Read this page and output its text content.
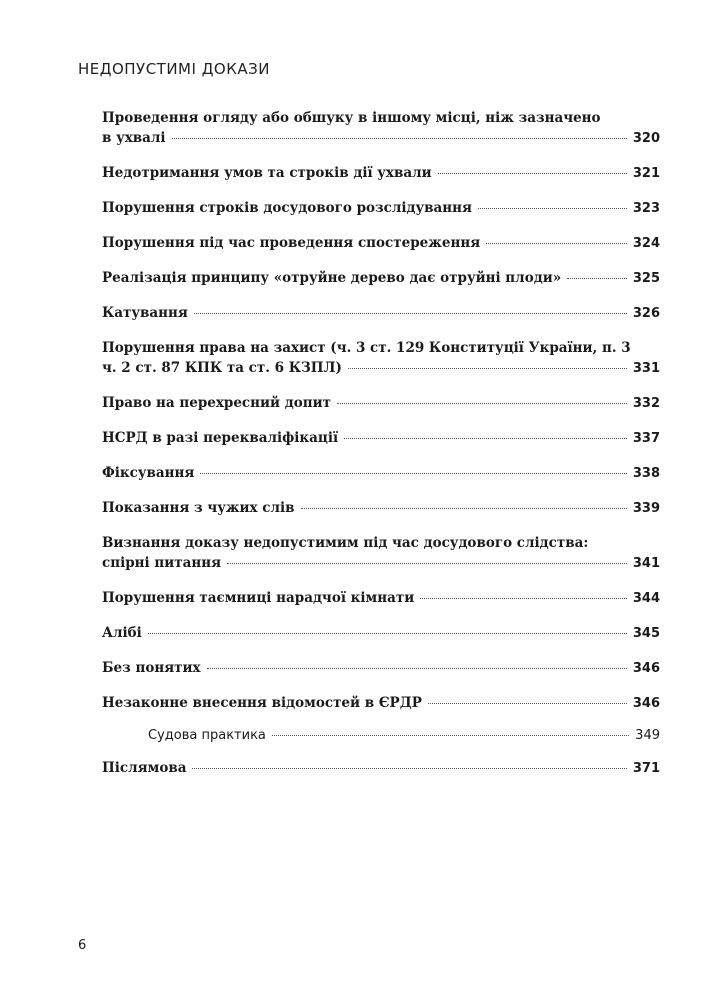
НЕДОПУСТИМІ ДОКАЗИ
Проведення огляду або обшуку в іншому місці, ніж зазначено
в ухвалі	320
Недотримання умов та строків дії ухвали	321
Порушення строків досудового розслідування	323
Порушення під час проведення спостереження	324
Реалізація принципу «отруйне дерево дає отруйні плоди»	325
Катування	326
Порушення права на захист (ч. 3 ст. 129 Конституції України, п. 3
ч. 2 ст. 87 КПК та ст. 6 КЗПЛ)	331
Право на перехресний допит	332
НСРД в разі перекваліфікації	337
Фіксування	338
Показання з чужих слів	339
Визнання доказу недопустимим під час досудового слідства:
спірні питання	341
Порушення таємниці нарадчої кімнати	344
Алібі	345
Без понятих	346
Незаконне внесення відомостей в ЄРДР	346
Судова практика	349
Післямова	371
6
